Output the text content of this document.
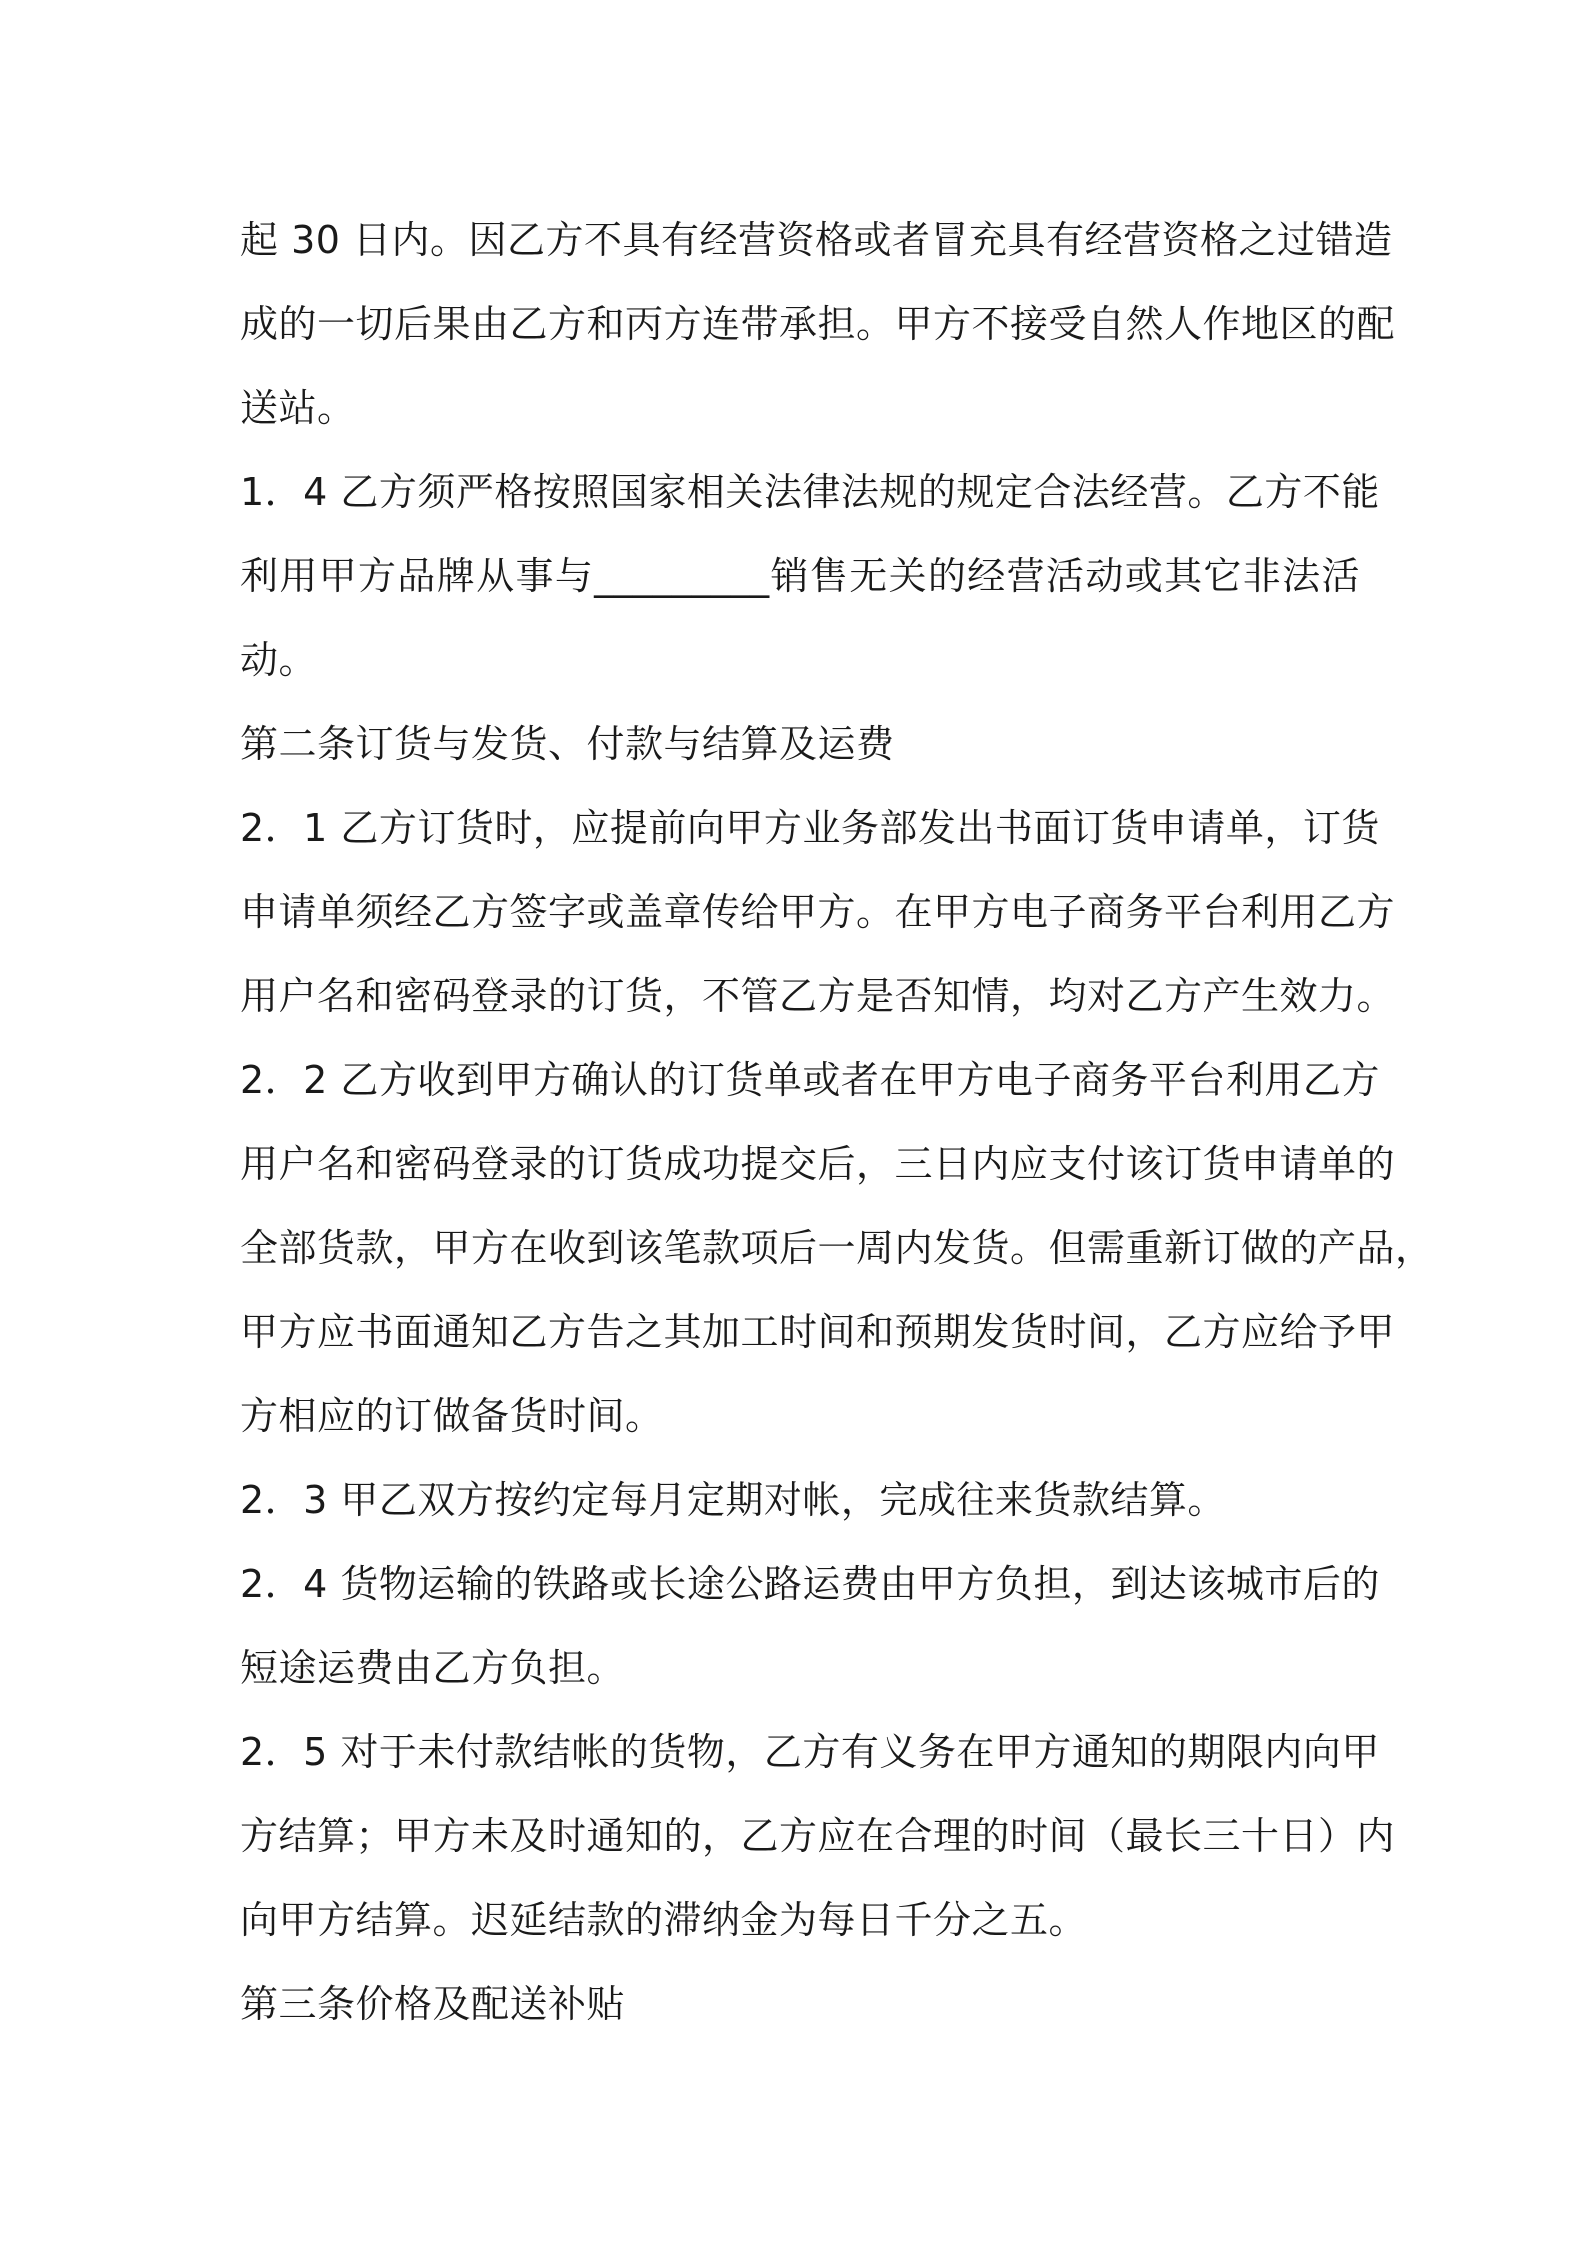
起 30 日内。因乙方不具有经营资格或者冒充具有经营资格之过错造
成的一切后果由乙方和丙方连带承担。甲方不接受自然人作地区的配
送站。
1．4 乙方须严格按照国家相关法律法规的规定合法经营。乙方不能
利用甲方品牌从事与_________销售无关的经营活动或其它非法活
动。
第二条订货与发货、付款与结算及运费
2．1 乙方订货时，应提前向甲方业务部发出书面订货申请单，订货
申请单须经乙方签字或盖章传给甲方。在甲方电子商务平台利用乙方
用户名和密码登录的订货，不管乙方是否知情，均对乙方产生效力。
2．2 乙方收到甲方确认的订货单或者在甲方电子商务平台利用乙方
用户名和密码登录的订货成功提交后，三日内应支付该订货申请单的
全部货款，甲方在收到该笔款项后一周内发货。但需重新订做的产品，
甲方应书面通知乙方告之其加工时间和预期发货时间，乙方应给予甲
方相应的订做备货时间。
2．3 甲乙双方按约定每月定期对帐，完成往来货款结算。
2．4 货物运输的铁路或长途公路运费由甲方负担，到达该城市后的
短途运费由乙方负担。
2．5 对于未付款结帐的货物，乙方有义务在甲方通知的期限内向甲
方结算；甲方未及时通知的，乙方应在合理的时间（最长三十日）内
向甲方结算。迟延结款的滞纳金为每日千分之五。
第三条价格及配送补贴
